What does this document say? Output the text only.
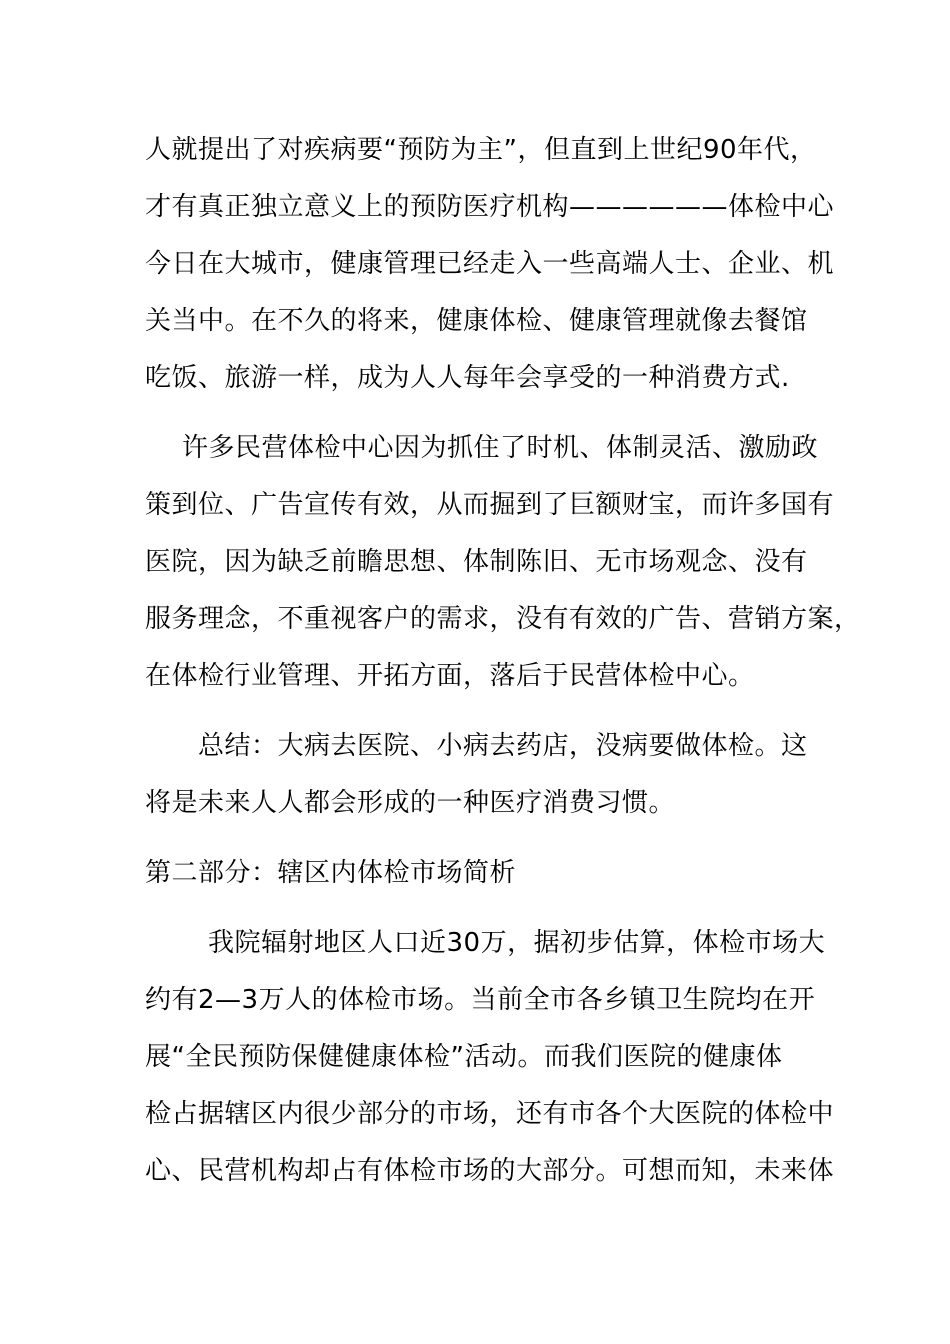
人就提出了对疾病要“预防为主”，但直到上世纪90年代，
才有真正独立意义上的预防医疗机构——————体检中心
今日在大城市，健康管理已经走入一些高端人士、企业、机
关当中。在不久的将来，健康体检、健康管理就像去餐馆
吃饭、旅游一样，成为人人每年会享受的一种消费方式.
许多民营体检中心因为抓住了时机、体制灵活、激励政
策到位、广告宣传有效，从而掘到了巨额财宝，而许多国有
医院，因为缺乏前瞻思想、体制陈旧、无市场观念、没有
服务理念，不重视客户的需求，没有有效的广告、营销方案，
在体检行业管理、开拓方面，落后于民营体检中心。
总结：大病去医院、小病去药店，没病要做体检。这
将是未来人人都会形成的一种医疗消费习惯。
第二部分：辖区内体检市场简析
我院辐射地区人口近30万，据初步估算，体检市场大
约有2—3万人的体检市场。当前全市各乡镇卫生院均在开
展“全民预防保健健康体检”活动。而我们医院的健康体
检占据辖区内很少部分的市场，还有市各个大医院的体检中
心、民营机构却占有体检市场的大部分。可想而知，未来体
